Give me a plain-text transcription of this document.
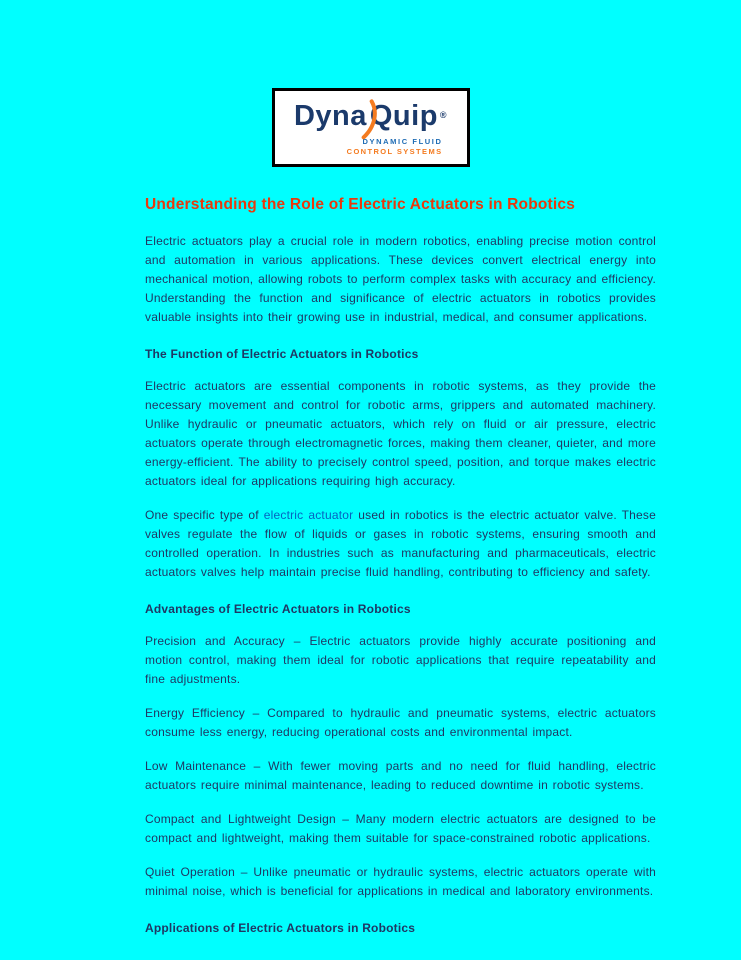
Dyna Quip ®
DYNAMIC FLUID
CONTROL SYSTEMS
Understanding the Role of Electric Actuators in Robotics

Electric actuators play a crucial role in modern robotics, enabling precise motion control and automation in various applications. These devices convert electrical energy into mechanical motion, allowing robots to perform complex tasks with accuracy and efficiency. Understanding the function and significance of electric actuators in robotics provides valuable insights into their growing use in industrial, medical, and consumer applications.

The Function of Electric Actuators in Robotics

Electric actuators are essential components in robotic systems, as they provide the necessary movement and control for robotic arms, grippers and automated machinery. Unlike hydraulic or pneumatic actuators, which rely on fluid or air pressure, electric actuators operate through electromagnetic forces, making them cleaner, quieter, and more energy-efficient. The ability to precisely control speed, position, and torque makes electric actuators ideal for applications requiring high accuracy.

One specific type of electric actuator used in robotics is the electric actuator valve. These valves regulate the flow of liquids or gases in robotic systems, ensuring smooth and controlled operation. In industries such as manufacturing and pharmaceuticals, electric actuators valves help maintain precise fluid handling, contributing to efficiency and safety.

Advantages of Electric Actuators in Robotics

Precision and Accuracy – Electric actuators provide highly accurate positioning and motion control, making them ideal for robotic applications that require repeatability and fine adjustments.

Energy Efficiency – Compared to hydraulic and pneumatic systems, electric actuators consume less energy, reducing operational costs and environmental impact.

Low Maintenance – With fewer moving parts and no need for fluid handling, electric actuators require minimal maintenance, leading to reduced downtime in robotic systems.

Compact and Lightweight Design – Many modern electric actuators are designed to be compact and lightweight, making them suitable for space-constrained robotic applications.

Quiet Operation – Unlike pneumatic or hydraulic systems, electric actuators operate with minimal noise, which is beneficial for applications in medical and laboratory environments.

Applications of Electric Actuators in Robotics
